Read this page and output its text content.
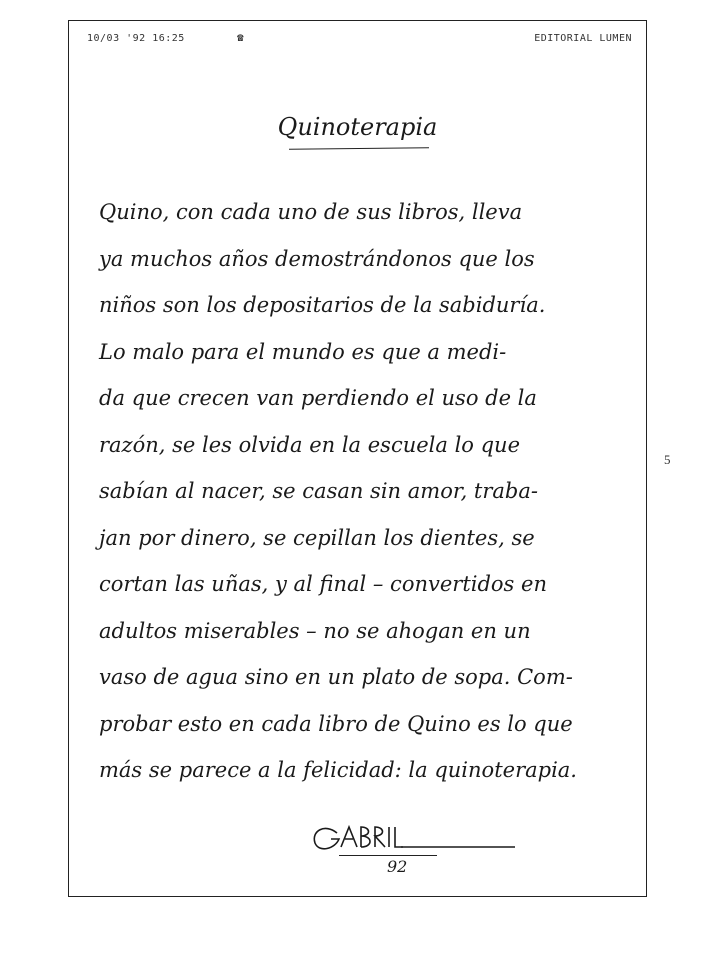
10/03 '92 16:25	☎	EDITORIAL LUMEN
Quinoterapia
Quino, con cada uno de sus libros, lleva
ya muchos años demostrándonos que los
niños son los depositarios de la sabiduría.
Lo malo para el mundo es que a medi-
da que crecen van perdiendo el uso de la
razón, se les olvida en la escuela lo que
sabían al nacer, se casan sin amor, traba-
jan por dinero, se cepillan los dientes, se
cortan las uñas, y al final – convertidos en
adultos miserables – no se ahogan en un
vaso de agua sino en un plato de sopa. Com-
probar esto en cada libro de Quino es lo que
más se parece a la felicidad: la quinoterapia.
92
5
